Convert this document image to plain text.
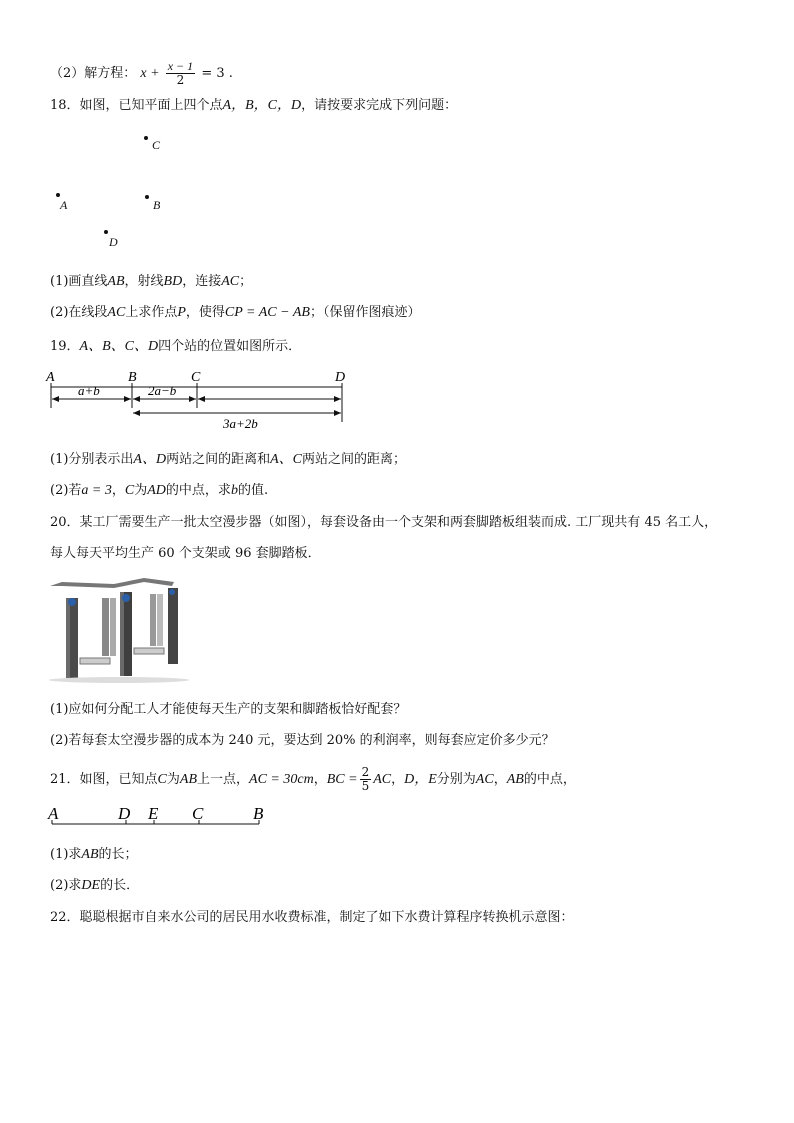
（2）解方程： $x + \frac{x - 1}{2} = 3$ .
18．如图，已知平面上四个点A，B，C，D，请按要求完成下列问题：
C
A	B
D
(1)画直线AB，射线BD，连接AC；
(2)在线段AC上求作点P，使得CP = AC − AB；（保留作图痕迹）
19．A、B、C、D四个站的位置如图所示．
A	B	C	D
a+b	2a−b
3a+2b
(1)分别表示出A、D两站之间的距离和A、C两站之间的距离；
(2)若a = 3，C为AD的中点，求b的值.
20．某工厂需要生产一批太空漫步器（如图），每套设备由一个支架和两套脚踏板组装而成. 工厂现共有 45 名工人，
每人每天平均生产 60 个支架或 96 套脚踏板．
(1)应如何分配工人才能使每天生产的支架和脚踏板恰好配套？
(2)若每套太空漫步器的成本为 240 元，要达到 20% 的利润率，则每套应定价多少元？
21．如图，已知点C为AB上一点，AC = 30cm，BC = $\frac{2}{5}$ AC，D，E分别为AC，AB的中点，
A	D E C	B
(1)求AB的长；
(2)求DE的长．
22．聪聪根据市自来水公司的居民用水收费标准，制定了如下水费计算程序转换机示意图：
